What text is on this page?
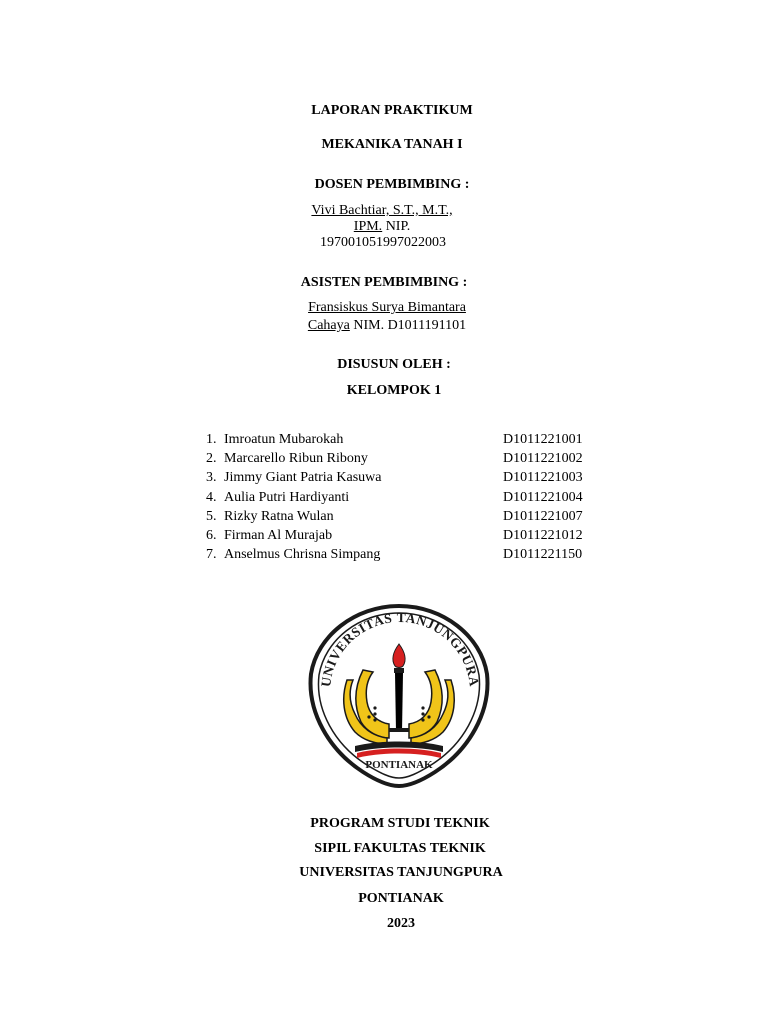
LAPORAN PRAKTIKUM
MEKANIKA TANAH I
DOSEN PEMBIMBING :
Vivi Bachtiar, S.T., M.T.,
IPM. NIP.
197001051997022003
ASISTEN PEMBIMBING :
Fransiskus Surya Bimantara
Cahaya NIM. D1011191101
DISUSUN OLEH :
KELOMPOK 1
1. Imroatun Mubarokah	D1011221001
2. Marcarello Ribun Ribony	D1011221002
3. Jimmy Giant Patria Kasuwa	D1011221003
4. Aulia Putri Hardiyanti	D1011221004
5. Rizky Ratna Wulan	D1011221007
6. Firman Al Murajab	D1011221012
7. Anselmus Chrisna Simpang	D1011221150
UNIVERSITAS TANJUNGPURA
PONTIANAK
PROGRAM STUDI TEKNIK
SIPIL FAKULTAS TEKNIK
UNIVERSITAS TANJUNGPURA
PONTIANAK
2023
